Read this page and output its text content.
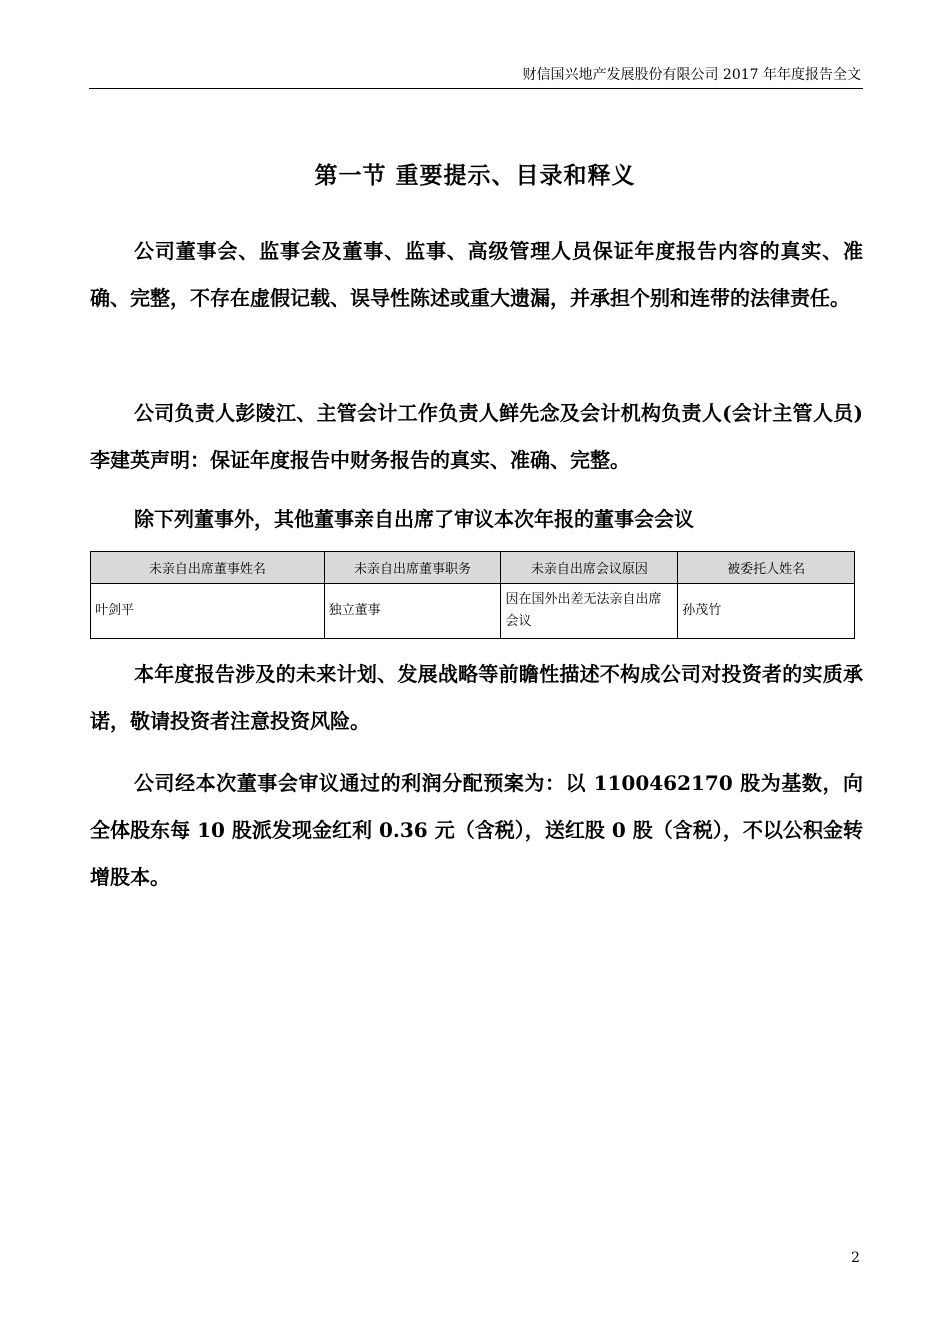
财信国兴地产发展股份有限公司 2017 年年度报告全文
第一节 重要提示、目录和释义

公司董事会、监事会及董事、监事、高级管理人员保证年度报告内容的真实、准确、完整，不存在虚假记载、误导性陈述或重大遗漏，并承担个别和连带的法律责任。

公司负责人彭陵江、主管会计工作负责人鲜先念及会计机构负责人(会计主管人员)李建英声明：保证年度报告中财务报告的真实、准确、完整。

除下列董事外，其他董事亲自出席了审议本次年报的董事会会议

未亲自出席董事姓名	未亲自出席董事职务	未亲自出席会议原因	被委托人姓名
叶剑平	独立董事	因在国外出差无法亲自出席会议	孙茂竹

本年度报告涉及的未来计划、发展战略等前瞻性描述不构成公司对投资者的实质承诺，敬请投资者注意投资风险。

公司经本次董事会审议通过的利润分配预案为：以 1100462170 股为基数，向全体股东每 10 股派发现金红利 0.36 元（含税），送红股 0 股（含税），不以公积金转增股本。

2
